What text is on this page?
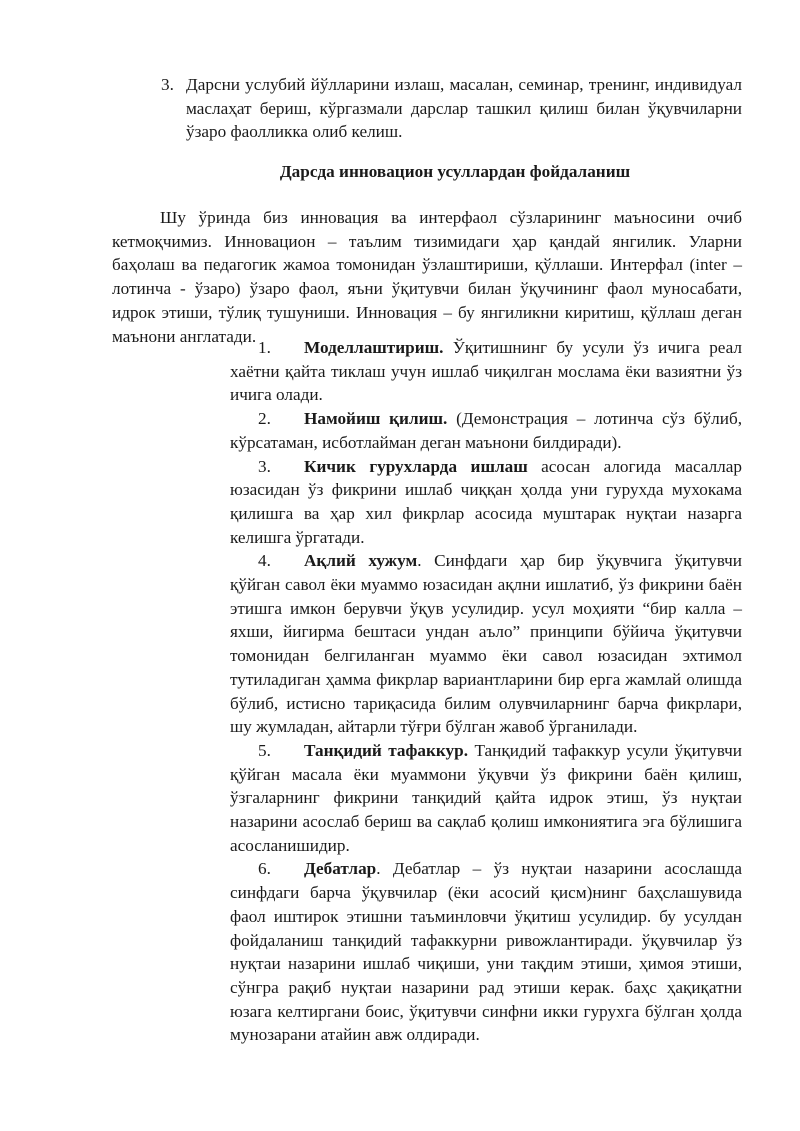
3. Дарсни услубий йўлларини излаш, масалан, семинар, тренинг, индивидуал маслаҳат бериш, кўргазмали дарслар ташкил қилиш билан ўқувчиларни ўзаро фаолликка олиб келиш.
Дарсда инновацион усуллардан фойдаланиш

Шу ўринда биз инновация ва интерфаол сўзларининг маъносини очиб кетмоқчимиз. Инновацион – таълим тизимидаги ҳар қандай янгилик. Уларни баҳолаш ва педагогик жамоа томонидан ўзлаштириши, қўллаши. Интерфал (inter – лотинча - ўзаро) ўзаро фаол, яъни ўқитувчи билан ўқучининг фаол муносабати, идрок этиши, тўлиқ тушуниши. Инновация – бу янгиликни киритиш, қўллаш деган маънони англатади.

1. Моделлаштириш. Ўқитишнинг бу усули ўз ичига реал хаётни қайта тиклаш учун ишлаб чиқилган мослама ёки вазиятни ўз ичига олади.

2. Намойиш қилиш. (Демонстрация – лотинча сўз бўлиб, кўрсатаман, исботлайман деган маънони билдиради).

3. Кичик гурухларда ишлаш асосан алогида масаллар юзасидан ўз фикрини ишлаб чиққан ҳолда уни гурухда мухокама қилишга ва ҳар хил фикрлар асосида муштарак нуқтаи назарга келишга ўргатади.

4. Ақлий хужум. Синфдаги ҳар бир ўқувчига ўқитувчи қўйган савол ёки муаммо юзасидан ақлни ишлатиб, ўз фикрини баён этишга имкон берувчи ўқув усулидир. усул моҳияти “бир калла – яхши, йигирма бештаси ундан аъло” принципи бўйича ўқитувчи томонидан белгиланган муаммо ёки савол юзасидан эхтимол тутиладиган ҳамма фикрлар вариантларини бир ерга жамлай олишда бўлиб, истисно тариқасида билим олувчиларнинг барча фикрлари, шу жумладан, айтарли тўғри бўлган жавоб ўрганилади.

5. Танқидий тафаккур. Танқидий тафаккур усули ўқитувчи қўйган масала ёки муаммони ўқувчи ўз фикрини баён қилиш, ўзгаларнинг фикрини танқидий қайта идрок этиш, ўз нуқтаи назарини асослаб бериш ва сақлаб қолиш имкониятига эга бўлишига асосланишидир.

6. Дебатлар. Дебатлар – ўз нуқтаи назарини асослашда синфдаги барча ўқувчилар (ёки асосий қисм)нинг баҳслашувида фаол иштирок этишни таъминловчи ўқитиш усулидир. бу усулдан фойдаланиш танқидий тафаккурни ривожлантиради. ўқувчилар ўз нуқтаи назарини ишлаб чиқиши, уни тақдим этиши, ҳимоя этиши, сўнгра рақиб нуқтаи назарини рад этиши керак. баҳс ҳақиқатни юзага келтиргани боис, ўқитувчи синфни икки гурухга бўлган ҳолда мунозарани атайин авж олдиради.
